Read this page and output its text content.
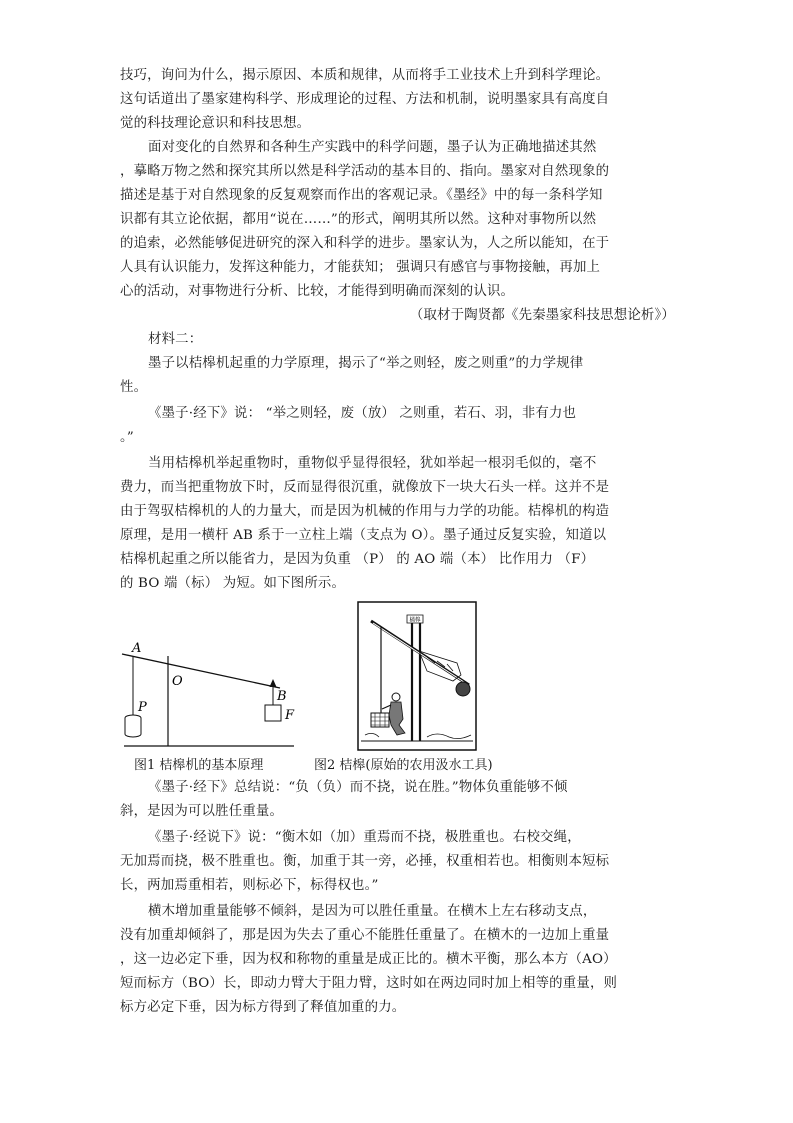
技巧，询问为什么，揭示原因、本质和规律，从而将手工业技术上升到科学理论。
这句话道出了墨家建构科学、形成理论的过程、方法和机制，说明墨家具有高度自
觉的科技理论意识和科技思想。
面对变化的自然界和各种生产实践中的科学问题，墨子认为正确地描述其然
，摹略万物之然和探究其所以然是科学活动的基本目的、指向。墨家对自然现象的
描述是基于对自然现象的反复观察而作出的客观记录。《墨经》中的每一条科学知
识都有其立论依据，都用“说在……”的形式，阐明其所以然。这种对事物所以然
的追索，必然能够促进研究的深入和科学的进步。墨家认为，人之所以能知，在于
人具有认识能力，发挥这种能力，才能获知； 强调只有感官与事物接触，再加上
心的活动，对事物进行分析、比较，才能得到明确而深刻的认识。
（取材于陶贤都《先秦墨家科技思想论析》）
材料二：
墨子以桔槔机起重的力学原理，揭示了“举之则轻，废之则重”的力学规律
性。
《墨子·经下》说： “举之则轻，废（放） 之则重，若石、羽，非有力也
。”
当用桔槔机举起重物时，重物似乎显得很轻，犹如举起一根羽毛似的，毫不
费力，而当把重物放下时，反而显得很沉重，就像放下一块大石头一样。这并不是
由于驾驭桔槔机的人的力量大，而是因为机械的作用与力学的功能。桔槔机的构造
原理，是用一横杆 AB 系于一立柱上端（支点为 O）。墨子通过反复实验，知道以
桔槔机起重之所以能省力，是因为负重 （P） 的 AO 端（本） 比作用力 （F）
的 BO 端（标） 为短。如下图所示。
A
O
B
P
F
橘槔
图1 桔槔机的基本原理	图2 桔槔(原始的农用汲水工具)
《墨子·经下》总结说：“负（负）而不挠，说在胜。”物体负重能够不倾
斜，是因为可以胜任重量。
《墨子·经说下》说：“衡木如（加）重焉而不挠，极胜重也。右校交绳，
无加焉而挠，极不胜重也。衡，加重于其一旁，必捶，权重相若也。相衡则本短标
长，两加焉重相若，则标必下，标得权也。”
横木增加重量能够不倾斜，是因为可以胜任重量。在横木上左右移动支点，
没有加重却倾斜了，那是因为失去了重心不能胜任重量了。在横木的一边加上重量
，这一边必定下垂，因为权和称物的重量是成正比的。横木平衡，那么本方（AO）
短而标方（BO）长，即动力臂大于阻力臂，这时如在两边同时加上相等的重量，则
标方必定下垂，因为标方得到了释值加重的力。
